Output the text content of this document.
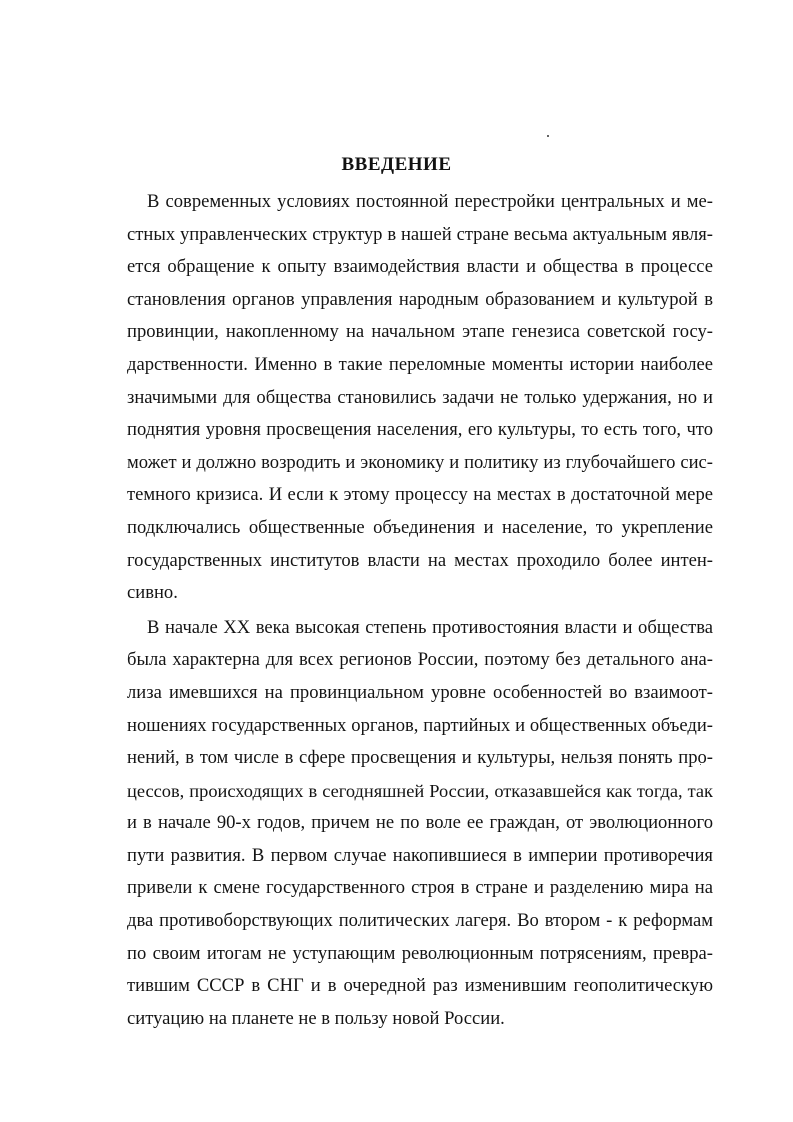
ВВЕДЕНИЕ

В современных условиях постоянной перестройки центральных и ме-
стных управленческих структур в нашей стране весьма актуальным явля-
ется обращение к опыту взаимодействия власти и общества в процессе
становления органов управления народным образованием и культурой в
провинции, накопленному на начальном этапе генезиса советской госу-
дарственности. Именно в такие переломные моменты истории наиболее
значимыми для общества становились задачи не только удержания, но и
поднятия уровня просвещения населения, его культуры, то есть того, что
может и должно возродить и экономику и политику из глубочайшего сис-
темного кризиса. И если к этому процессу на местах в достаточной мере
подключались общественные объединения и население, то укрепление
государственных институтов власти на местах проходило более интен-
сивно.

В начале XX века высокая степень противостояния власти и общества
была характерна для всех регионов России, поэтому без детального ана-
лиза имевшихся на провинциальном уровне особенностей во взаимоот-
ношениях государственных органов, партийных и общественных объеди-
нений, в том числе в сфере просвещения и культуры, нельзя понять про-
цессов, происходящих в сегодняшней России, отказавшейся как тогда, так
и в начале 90-х годов, причем не по воле ее граждан, от эволюционного
пути развития. В первом случае накопившиеся в империи противоречия
привели к смене государственного строя в стране и разделению мира на
два противоборствующих политических лагеря. Во втором - к реформам
по своим итогам не уступающим революционным потрясениям, превра-
тившим СССР в СНГ и в очередной раз изменившим геополитическую
ситуацию на планете не в пользу новой России.
